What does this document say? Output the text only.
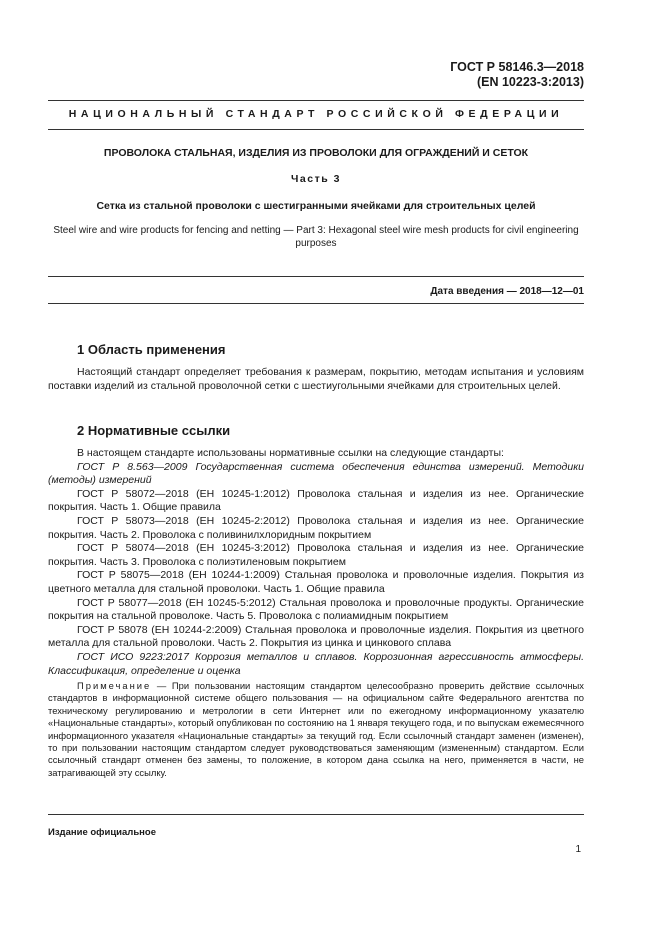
ГОСТ Р 58146.3—2018
(EN 10223-3:2013)
НАЦИОНАЛЬНЫЙ СТАНДАРТ РОССИЙСКОЙ ФЕДЕРАЦИИ
ПРОВОЛОКА СТАЛЬНАЯ, ИЗДЕЛИЯ ИЗ ПРОВОЛОКИ ДЛЯ ОГРАЖДЕНИЙ И СЕТОК
Часть 3
Сетка из стальной проволоки с шестигранными ячейками для строительных целей
Steel wire and wire products for fencing and netting — Part 3: Hexagonal steel wire mesh products for civil engineering
purposes
Дата введения — 2018—12—01
1 Область применения

Настоящий стандарт определяет требования к размерам, покрытию, методам испытания и условиям поставки изделий из стальной проволочной сетки с шестиугольными ячейками для строительных целей.

2 Нормативные ссылки

В настоящем стандарте использованы нормативные ссылки на следующие стандарты:

ГОСТ Р 8.563—2009 Государственная система обеспечения единства измерений. Методики (методы) измерений

ГОСТ Р 58072—2018 (ЕН 10245-1:2012) Проволока стальная и изделия из нее. Органические покрытия. Часть 1. Общие правила

ГОСТ Р 58073—2018 (ЕН 10245-2:2012) Проволока стальная и изделия из нее. Органические покрытия. Часть 2. Проволока с поливинилхлоридным покрытием

ГОСТ Р 58074—2018 (ЕН 10245-3:2012) Проволока стальная и изделия из нее. Органические покрытия. Часть 3. Проволока с полиэтиленовым покрытием

ГОСТ Р 58075—2018 (ЕН 10244-1:2009) Стальная проволока и проволочные изделия. Покрытия из цветного металла для стальной проволоки. Часть 1. Общие правила

ГОСТ Р 58077—2018 (ЕН 10245-5:2012) Стальная проволока и проволочные продукты. Органические покрытия на стальной проволоке. Часть 5. Проволока с полиамидным покрытием

ГОСТ Р 58078 (ЕН 10244-2:2009) Стальная проволока и проволочные изделия. Покрытия из цветного металла для стальной проволоки. Часть 2. Покрытия из цинка и цинкового сплава

ГОСТ ИСО 9223:2017 Коррозия металлов и сплавов. Коррозионная агрессивность атмосферы. Классификация, определение и оценка

Примечание — При пользовании настоящим стандартом целесообразно проверить действие ссылочных стандартов в информационной системе общего пользования — на официальном сайте Федерального агентства по техническому регулированию и метрологии в сети Интернет или по ежегодному информационному указателю «Национальные стандарты», который опубликован по состоянию на 1 января текущего года, и по выпускам ежемесячного информационного указателя «Национальные стандарты» за текущий год. Если ссылочный стандарт заменен (изменен), то при пользовании настоящим стандартом следует руководствоваться заменяющим (измененным) стандартом. Если ссылочный стандарт отменен без замены, то положение, в котором дана ссылка на него, применяется в части, не затрагивающей эту ссылку.

Издание официальное
1
